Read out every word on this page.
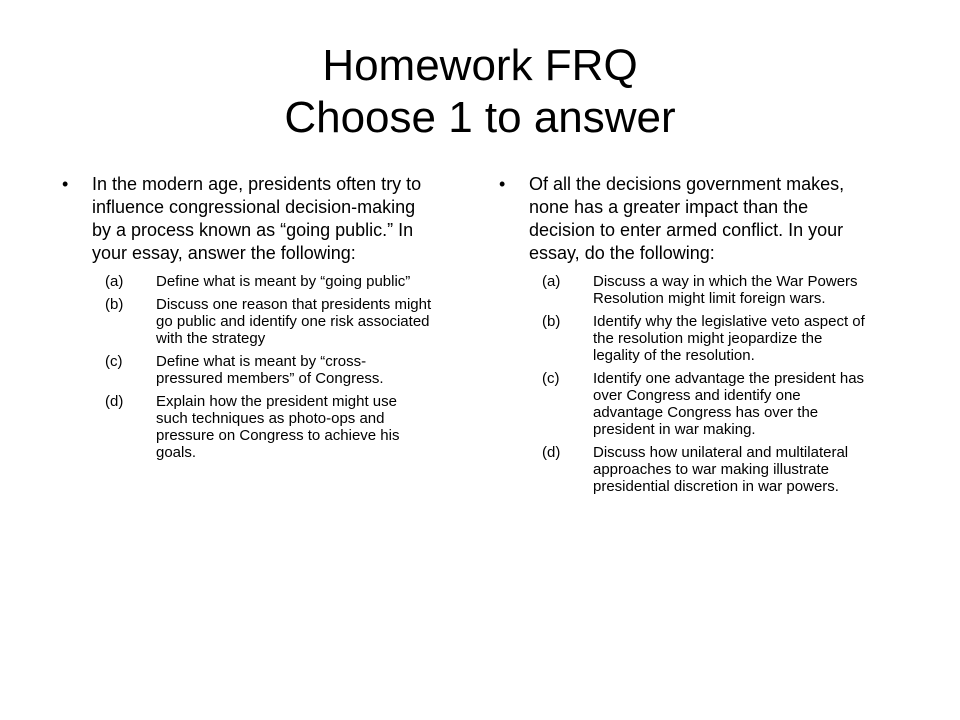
Homework FRQ
Choose 1 to answer
•	In the modern age, presidents often try to influence congressional decision-making by a process known as “going public.” In your essay, answer the following:
(a)	Define what is meant by “going public”
(b)	Discuss one reason that presidents might go public and identify one risk associated with the strategy
(c)	Define what is meant by “cross-pressured members” of Congress.
(d)	Explain how the president might use such techniques as photo-ops and pressure on Congress to achieve his goals.
•	Of all the decisions government makes, none has a greater impact than the decision to enter armed conflict. In your essay, do the following:
(a)	Discuss a way in which the War Powers Resolution might limit foreign wars.
(b)	Identify why the legislative veto aspect of the resolution might jeopardize the legality of the resolution.
(c)	Identify one advantage the president has over Congress and identify one advantage Congress has over the president in war making.
(d)	Discuss how unilateral and multilateral approaches to war making illustrate presidential discretion in war powers.
